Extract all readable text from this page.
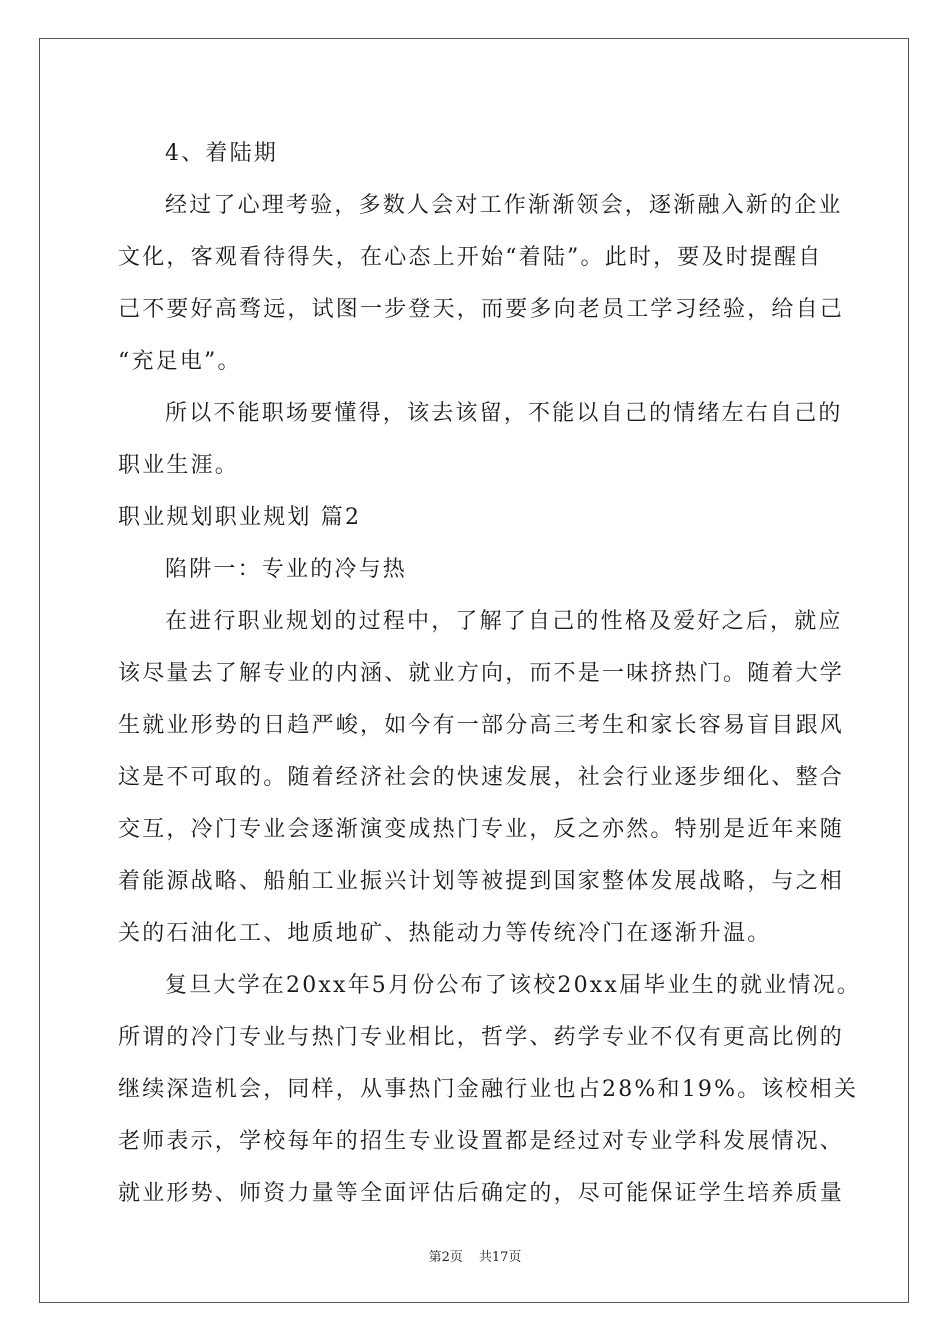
4、着陆期
经过了心理考验，多数人会对工作渐渐领会，逐渐融入新的企业
文化，客观看待得失，在心态上开始“着陆”。此时，要及时提醒自
己不要好高骛远，试图一步登天，而要多向老员工学习经验，给自己
“充足电”。
所以不能职场要懂得，该去该留，不能以自己的情绪左右自己的
职业生涯。
职业规划职业规划 篇2
陷阱一：专业的冷与热
在进行职业规划的过程中，了解了自己的性格及爱好之后，就应
该尽量去了解专业的内涵、就业方向，而不是一味挤热门。随着大学
生就业形势的日趋严峻，如今有一部分高三考生和家长容易盲目跟风
这是不可取的。随着经济社会的快速发展，社会行业逐步细化、整合
交互，冷门专业会逐渐演变成热门专业，反之亦然。特别是近年来随
着能源战略、船舶工业振兴计划等被提到国家整体发展战略，与之相
关的石油化工、地质地矿、热能动力等传统冷门在逐渐升温。
复旦大学在20xx年5月份公布了该校20xx届毕业生的就业情况。
所谓的冷门专业与热门专业相比，哲学、药学专业不仅有更高比例的
继续深造机会，同样，从事热门金融行业也占28%和19%。该校相关
老师表示，学校每年的招生专业设置都是经过对专业学科发展情况、
就业形势、师资力量等全面评估后确定的，尽可能保证学生培养质量
第2页 共17页
